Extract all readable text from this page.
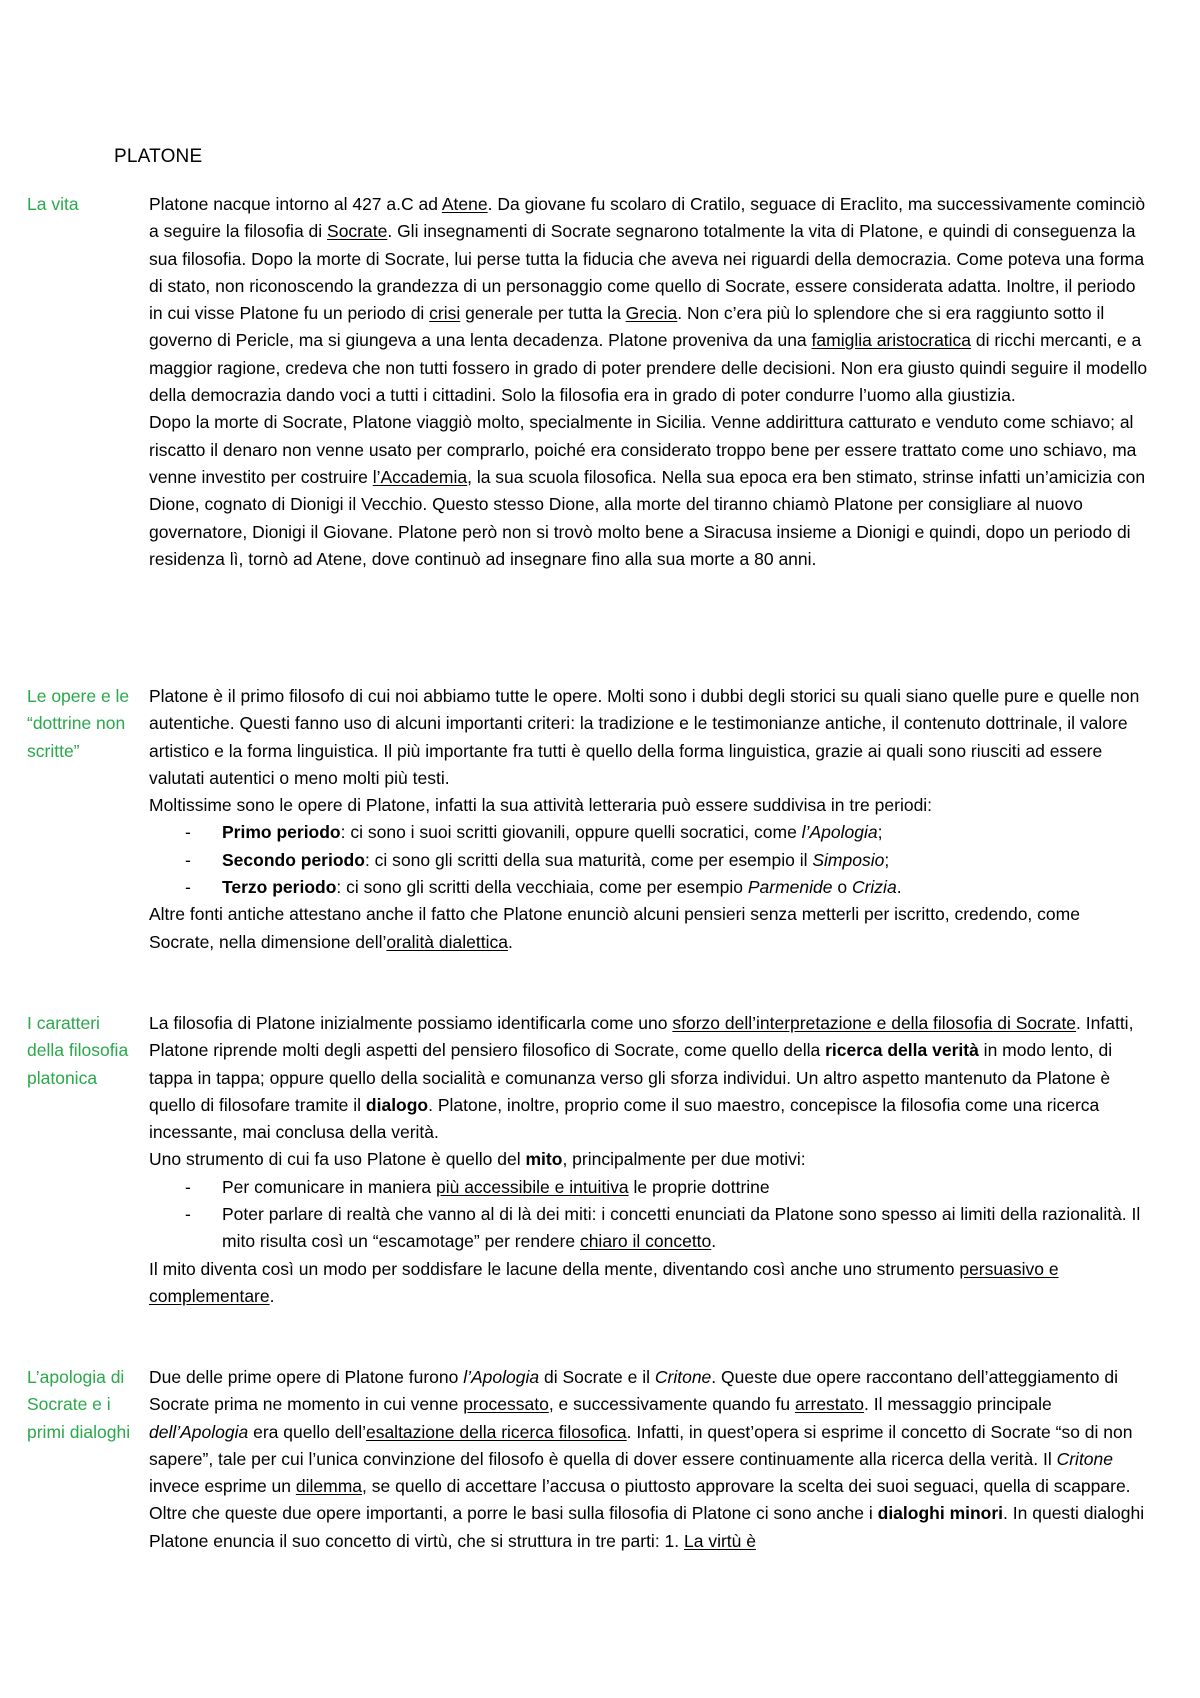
PLATONE
La vita	Platone nacque intorno al 427 a.C ad Atene. Da giovane fu scolaro di Cratilo, seguace di Eraclito, ma successivamente cominciò a seguire la filosofia di Socrate. Gli insegnamenti di Socrate segnarono totalmente la vita di Platone, e quindi di conseguenza la sua filosofia. Dopo la morte di Socrate, lui perse tutta la fiducia che aveva nei riguardi della democrazia. Come poteva una forma di stato, non riconoscendo la grandezza di un personaggio come quello di Socrate, essere considerata adatta. Inoltre, il periodo in cui visse Platone fu un periodo di crisi generale per tutta la Grecia. Non c’era più lo splendore che si era raggiunto sotto il governo di Pericle, ma si giungeva a una lenta decadenza. Platone proveniva da una famiglia aristocratica di ricchi mercanti, e a maggior ragione, credeva che non tutti fossero in grado di poter prendere delle decisioni. Non era giusto quindi seguire il modello della democrazia dando voci a tutti i cittadini. Solo la filosofia era in grado di poter condurre l’uomo alla giustizia.

Dopo la morte di Socrate, Platone viaggiò molto, specialmente in Sicilia. Venne addirittura catturato e venduto come schiavo; al riscatto il denaro non venne usato per comprarlo, poiché era considerato troppo bene per essere trattato come uno schiavo, ma venne investito per costruire l’Accademia, la sua scuola filosofica. Nella sua epoca era ben stimato, strinse infatti un’amicizia con Dione, cognato di Dionigi il Vecchio. Questo stesso Dione, alla morte del tiranno chiamò Platone per consigliare al nuovo governatore, Dionigi il Giovane. Platone però non si trovò molto bene a Siracusa insieme a Dionigi e quindi, dopo un periodo di residenza lì, tornò ad Atene, dove continuò ad insegnare fino alla sua morte a 80 anni.

Le opere e le “dottrine non scritte”

Platone è il primo filosofo di cui noi abbiamo tutte le opere. Molti sono i dubbi degli storici su quali siano quelle pure e quelle non autentiche. Questi fanno uso di alcuni importanti criteri: la tradizione e le testimonianze antiche, il contenuto dottrinale, il valore artistico e la forma linguistica. Il più importante fra tutti è quello della forma linguistica, grazie ai quali sono riusciti ad essere valutati autentici o meno molti più testi.

Moltissime sono le opere di Platone, infatti la sua attività letteraria può essere suddivisa in tre periodi:

- Primo periodo: ci sono i suoi scritti giovanili, oppure quelli socratici, come l’Apologia;
- Secondo periodo: ci sono gli scritti della sua maturità, come per esempio il Simposio;
- Terzo periodo: ci sono gli scritti della vecchiaia, come per esempio Parmenide o Crizia.

Altre fonti antiche attestano anche il fatto che Platone enunciò alcuni pensieri senza metterli per iscritto, credendo, come Socrate, nella dimensione dell’oralità dialettica.

I caratteri della filosofia platonica

La filosofia di Platone inizialmente possiamo identificarla come uno sforzo dell’interpretazione e della filosofia di Socrate. Infatti, Platone riprende molti degli aspetti del pensiero filosofico di Socrate, come quello della ricerca della verità in modo lento, di tappa in tappa; oppure quello della socialità e comunanza verso gli sforza individui. Un altro aspetto mantenuto da Platone è quello di filosofare tramite il dialogo. Platone, inoltre, proprio come il suo maestro, concepisce la filosofia come una ricerca incessante, mai conclusa della verità.

Uno strumento di cui fa uso Platone è quello del mito, principalmente per due motivi:

- Per comunicare in maniera più accessibile e intuitiva le proprie dottrine
- Poter parlare di realtà che vanno al di là dei miti: i concetti enunciati da Platone sono spesso ai limiti della razionalità. Il mito risulta così un “escamotage” per rendere chiaro il concetto.

Il mito diventa così un modo per soddisfare le lacune della mente, diventando così anche uno strumento persuasivo e complementare.

L’apologia di Socrate e i primi dialoghi

Due delle prime opere di Platone furono l’Apologia di Socrate e il Critone. Queste due opere raccontano dell’atteggiamento di Socrate prima ne momento in cui venne processato, e successivamente quando fu arrestato. Il messaggio principale dell’Apologia era quello dell’esaltazione della ricerca filosofica. Infatti, in quest’opera si esprime il concetto di Socrate “so di non sapere”, tale per cui l’unica convinzione del filosofo è quella di dover essere continuamente alla ricerca della verità. Il Critone invece esprime un dilemma, se quello di accettare l’accusa o piuttosto approvare la scelta dei suoi seguaci, quella di scappare.

Oltre che queste due opere importanti, a porre le basi sulla filosofia di Platone ci sono anche i dialoghi minori. In questi dialoghi Platone enuncia il suo concetto di virtù, che si struttura in tre parti: 1. La virtù è
